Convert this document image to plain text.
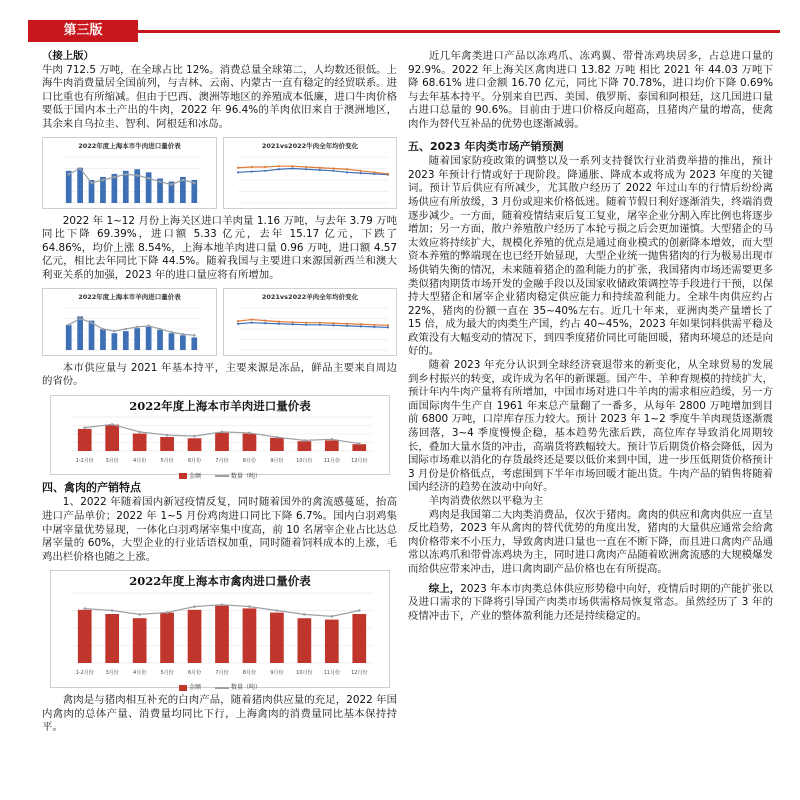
第三版

（接上版）

牛肉 712.5 万吨，在全球占比 12%。消费总量全球第二，人均数还很低。上海牛肉消费量居全国前列，与吉林、云南、内蒙古一直有稳定的经贸联系。进口比重也有所缩减。但由于巴西、澳洲等地区的养殖成本低廉，进口牛肉价格要低于国内本土产出的牛肉，2022 年 96.4%的羊肉依旧来自于澳洲地区，其余来自乌拉圭、智利、阿根廷和冰岛。

2022年度上海本市牛肉进口量价表	2021vs2022牛肉全年均价变化

2022 年 1~12 月份上海关区进口羊肉量 1.16 万吨，与去年 3.79 万吨同比下降 69.39%，进口额 5.33 亿元，去年 15.17 亿元，下跌了 64.86%，均价上涨 8.54%，上海本地羊肉进口量 0.96 万吨，进口额 4.57 亿元，相比去年同比下降 44.5%。随着我国与主要进口来源国新西兰和澳大利亚关系的加强，2023 年的进口量应将有所增加。

2022年度上海本市羊肉进口量价表	2021vs2022羊肉全年均价变化

本市供应量与 2021 年基本持平，主要来源是冻品，鲜品主要来自周边的省份。

2022年度上海本市羊肉进口量价表
1-2月份 3月份	4月份	5月份	6月份	7月份	8月份	9月份	10月份 11月份 12月份
金额	数量（吨）

四、禽肉的产销特点

1、2022 年随着国内新冠疫情反复，同时随着国外的禽流感蔓延，抬高进口产品单价；2022 年 1~5 月份鸡肉进口同比下降 6.7%。国内白羽鸡集中屠宰量优势显现，一体化白羽鸡屠宰集中度高，前 10 名屠宰企业占比达总屠宰量的 60%，大型企业的行业话语权加重，同时随着饲料成本的上涨，毛鸡出栏价格也随之上涨。

2022年度上海本市禽肉进口量价表
1-2月份 3月份	4月份	5月份	6月份	7月份	8月份	9月份	10月份 11月份 12月份
金额	数量（吨）

禽肉是与猪肉相互补充的白肉产品，随着猪肉供应量的充足，2022 年国内禽肉的总体产量、消费量均同比下行，上海禽肉的消费量同比基本保持持平。

近几年禽类进口产品以冻鸡爪、冻鸡翼、带骨冻鸡块居多，占总进口量的 92.9%。2022 年上海关区禽肉进口 13.82 万吨 相比 2021 年 44.03 万吨下降 68.61% 进口金额 16.70 亿元，同比下降 70.78%，进口均价下降 0.69%与去年基本持平。分别来自巴西、美国、俄罗斯、泰国和阿根廷，这几国进口量占进口总量的 90.6%。目前由于进口价格反向超高，且猪肉产量的增高，使禽肉作为替代互补品的优势也逐渐减弱。

五、2023 年肉类市场产销预测

随着国家防疫政策的调整以及一系列支持餐饮行业消费举措的推出，预计 2023 年预计行情或好于现阶段。降通胀、降成本或将成为 2023 年度的关键词。预计节后供应有所减少，尤其散户经历了 2022 年过山车的行情后纷纷离场供应有所放缓，3 月份或迎来价格低迷。随着节假日利好逐渐消失，终端消费逐步减少。一方面，随着疫情结束后复工复业，屠宰企业分割入库比例也将逐步增加；另一方面，散户养殖散户经历了本轮亏损之后会更加谨慎。大型猪企的马太效应将持续扩大，规模化养殖的优点是通过商业模式的创新降本增效，而大型资本养殖的弊端现在也已经开始显现，大型企业统一抛售猪肉的行为极易出现市场供销失衡的情况，未来随着猪企的盈利能力的扩张，我国猪肉市场还需要更多类似猪肉期货市场开发的金融手段以及国家收储政策调控等手段进行干预，以保持大型猪企和屠宰企业猪肉稳定供应能力和持续盈利能力。全球牛肉供应约占 22%，猪肉的份额一直在 35~40%左右。近几十年来，亚洲肉类产量增长了 15 倍，成为最大的肉类生产国，约占 40~45%，2023 年如果饲料供需平稳及政策没有大幅变动的情况下，到四季度猪价同比可能回暖，猪肉环境总的还是向好的。

随着 2023 年充分认识到全球经济衰退带来的新变化，从全球贸易的发展到乡村振兴的转变，或许成为名年的新课题。国产牛、羊种育规模的持续扩大，预计年内牛肉产量将有所增加，中国市场对进口牛羊肉的需求相应趋缓，另一方面国际肉牛生产自 1961 年来总产量翻了一番多，从每年 2800 万吨增加到目前 6800 万吨，口岸库存压力较大。预计 2023 年 1~2 季度牛羊肉现货逐渐震荡回落，3~4 季度慢慢企稳，基本趋势先涨后跌，高位库存导致消化周期较长，叠加大量水货的冲击，高端货将跌幅较大。预计节后期货价格会降低，因为国际市场难以消化的存货最终还是要以低价来到中国，进一步压低期货价格预计 3 月份是价格低点，考虑围到下半年市场回暖才能出货。牛肉产品的销售将随着国内经济的趋势在波动中向好。

羊肉消费依然以平稳为主

鸡肉是我国第二大肉类消费品，仅次于猪肉。禽肉的供应和禽肉供应一直呈反比趋势，2023 年从禽肉的替代优势的角度出发，猪肉的大量供应通常会给禽肉价格带来不小压力，导致禽肉进口量也一直在不断下降，而且进口禽肉产品通常以冻鸡爪和带骨冻鸡块为主，同时进口禽肉产品随着欧洲禽流感的大规模爆发而给供应带来冲击，进口禽肉副产品价格也在有所提高。

综上，2023 年本市肉类总体供应形势稳中向好，疫情后时期的产能扩张以及进口需求的下降将引导国产肉类市场供需格局恢复常态。虽然经历了 3 年的疫情冲击下，产业的整体盈利能力还是持续稳定的。
